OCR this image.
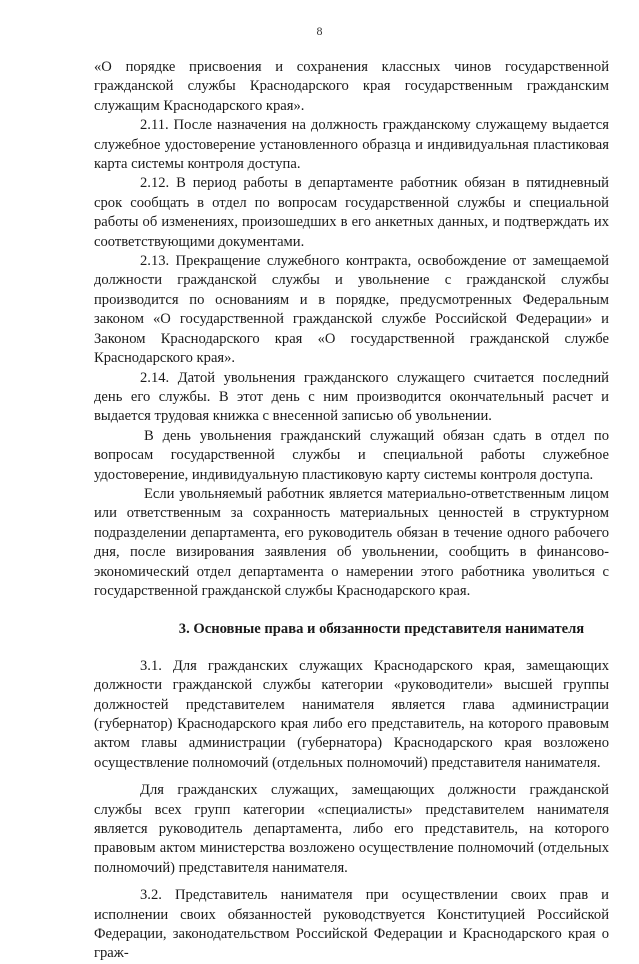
8

«О порядке присвоения и сохранения классных чинов государственной гражданской службы Краснодарского края государственным гражданским служащим Краснодарского края».

2.11. После назначения на должность гражданскому служащему выдается служебное удостоверение установленного образца и индивидуальная пластиковая карта системы контроля доступа.

2.12. В период работы в департаменте работник обязан в пятидневный срок сообщать в отдел по вопросам государственной службы и специальной работы об изменениях, произошедших в его анкетных данных, и подтверждать их соответствующими документами.

2.13. Прекращение служебного контракта, освобождение от замещаемой должности гражданской службы и увольнение с гражданской службы производится по основаниям и в порядке, предусмотренных Федеральным законом «О государственной гражданской службе Российской Федерации» и Законом Краснодарского края «О государственной гражданской службе Краснодарского края».

2.14. Датой увольнения гражданского служащего считается последний день его службы. В этот день с ним производится окончательный расчет и выдается трудовая книжка с внесенной записью об увольнении.

В день увольнения гражданский служащий обязан сдать в отдел по вопросам государственной службы и специальной работы служебное удостоверение, индивидуальную пластиковую карту системы контроля доступа.

Если увольняемый работник является материально-ответственным лицом или ответственным за сохранность материальных ценностей в структурном подразделении департамента, его руководитель обязан в течение одного рабочего дня, после визирования заявления об увольнении, сообщить в финансово-экономический отдел департамента о намерении этого работника уволиться с государственной гражданской службы Краснодарского края.

3. Основные права и обязанности представителя нанимателя

3.1. Для гражданских служащих Краснодарского края, замещающих должности гражданской службы категории «руководители» высшей группы должностей представителем нанимателя является глава администрации (губернатор) Краснодарского края либо его представитель, на которого правовым актом главы администрации (губернатора) Краснодарского края возложено осуществление полномочий (отдельных полномочий) представителя нанимателя.

Для гражданских служащих, замещающих должности гражданской службы всех групп категории «специалисты» представителем нанимателя является руководитель департамента, либо его представитель, на которого правовым актом министерства возложено осуществление полномочий (отдельных полномочий) представителя нанимателя.

3.2. Представитель нанимателя при осуществлении своих прав и исполнении своих обязанностей руководствуется Конституцией Российской Федерации, законодательством Российской Федерации и Краснодарского края о граж-
